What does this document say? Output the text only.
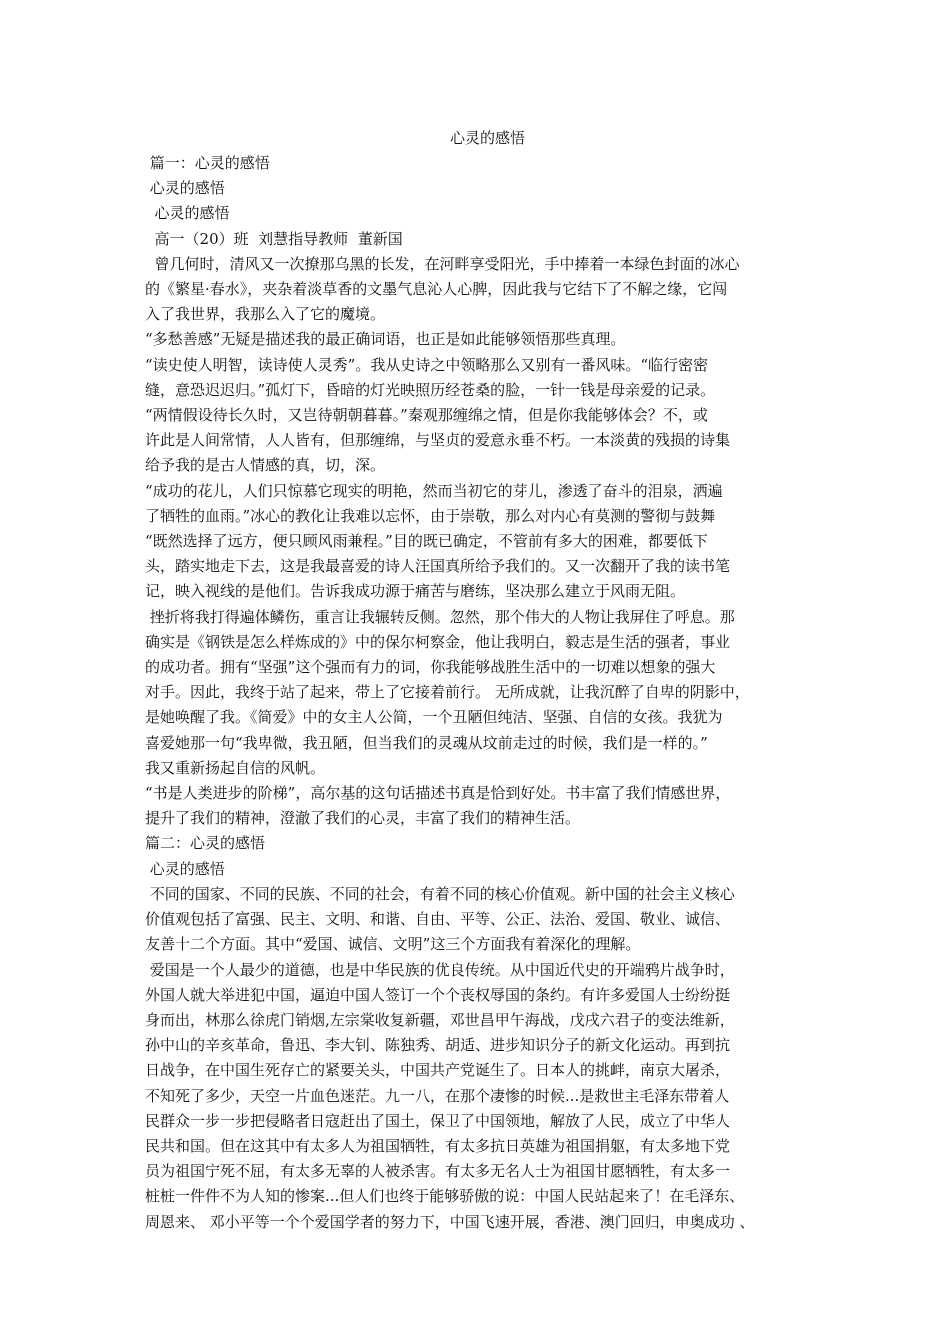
心灵的感悟
篇一：心灵的感悟
心灵的感悟
心灵的感悟
高一（20）班  刘慧指导教师  董新国
曾几何时，清风又一次撩那乌黑的长发，在河畔享受阳光，手中捧着一本绿色封面的冰心
的《繁星·春水》，夹杂着淡草香的文墨气息沁人心脾，因此我与它结下了不解之缘，它闯
入了我世界，我那么入了它的魔境。
“多愁善感”无疑是描述我的最正确词语，也正是如此能够领悟那些真理。
“读史使人明智，读诗使人灵秀”。我从史诗之中领略那么又别有一番风味。“临行密密
缝，意恐迟迟归。”孤灯下，昏暗的灯光映照历经苍桑的脸，一针一钱是母亲爱的记录。
“两情假设待长久时，又岂待朝朝暮暮。”秦观那缠绵之情，但是你我能够体会？不，或
许此是人间常情，人人皆有，但那缠绵，与坚贞的爱意永垂不朽。一本淡黄的残损的诗集
给予我的是古人情感的真，切，深。
“成功的花儿，人们只惊慕它现实的明艳，然而当初它的芽儿，渗透了奋斗的泪泉，洒遍
了牺牲的血雨。”冰心的教化让我难以忘怀，由于崇敬，那么对内心有莫测的警彻与鼓舞
“既然选择了远方，便只顾风雨兼程。”目的既已确定，不管前有多大的困难，都要低下
头，踏实地走下去，这是我最喜爱的诗人汪国真所给予我们的。又一次翻开了我的读书笔
记，映入视线的是他们。告诉我成功源于痛苦与磨练，坚决那么建立于风雨无阻。
挫折将我打得遍体鳞伤，重言让我辗转反侧。忽然，那个伟大的人物让我屏住了呼息。那
确实是《钢铁是怎么样炼成的》中的保尔柯察金，他让我明白，毅志是生活的强者，事业
的成功者。拥有“坚强”这个强而有力的词，你我能够战胜生活中的一切难以想象的强大
对手。因此，我终于站了起来，带上了它接着前行。 无所成就，让我沉醉了自卑的阴影中，
是她唤醒了我。《简爱》中的女主人公简，一个丑陋但纯洁、坚强、自信的女孩。我犹为
喜爱她那一句“我卑微，我丑陋，但当我们的灵魂从坟前走过的时候，我们是一样的。”
我又重新扬起自信的风帆。
“书是人类进步的阶梯”，高尔基的这句话描述书真是恰到好处。书丰富了我们情感世界，
提升了我们的精神，澄澈了我们的心灵，丰富了我们的精神生活。
篇二：心灵的感悟
心灵的感悟
不同的国家、不同的民族、不同的社会，有着不同的核心价值观。新中国的社会主义核心
价值观包括了富强、民主、文明、和谐、自由、平等、公正、法治、爱国、敬业、诚信、
友善十二个方面。其中“爱国、诚信、文明”这三个方面我有着深化的理解。
爱国是一个人最少的道德，也是中华民族的优良传统。从中国近代史的开端鸦片战争时，
外国人就大举进犯中国，逼迫中国人签订一个个丧权辱国的条约。有许多爱国人士纷纷挺
身而出，林那么徐虎门销烟,左宗棠收复新疆，邓世昌甲午海战，戊戌六君子的变法维新，
孙中山的辛亥革命，鲁迅、李大钊、陈独秀、胡适、进步知识分子的新文化运动。再到抗
日战争，在中国生死存亡的紧要关头，中国共产党诞生了。日本人的挑衅，南京大屠杀，
不知死了多少，天空一片血色迷茫。九一八，在那个凄惨的时候...是救世主毛泽东带着人
民群众一步一步把侵略者日寇赶出了国土，保卫了中国领地，解放了人民，成立了中华人
民共和国。但在这其中有太多人为祖国牺牲，有太多抗日英雄为祖国捐躯，有太多地下党
员为祖国宁死不屈，有太多无辜的人被杀害。有太多无名人士为祖国甘愿牺牲，有太多一
桩桩一件件不为人知的惨案...但人们也终于能够骄傲的说：中国人民站起来了！在毛泽东、
周恩来、 邓小平等一个个爱国学者的努力下，中国飞速开展，香港、澳门回归，申奥成功 、
